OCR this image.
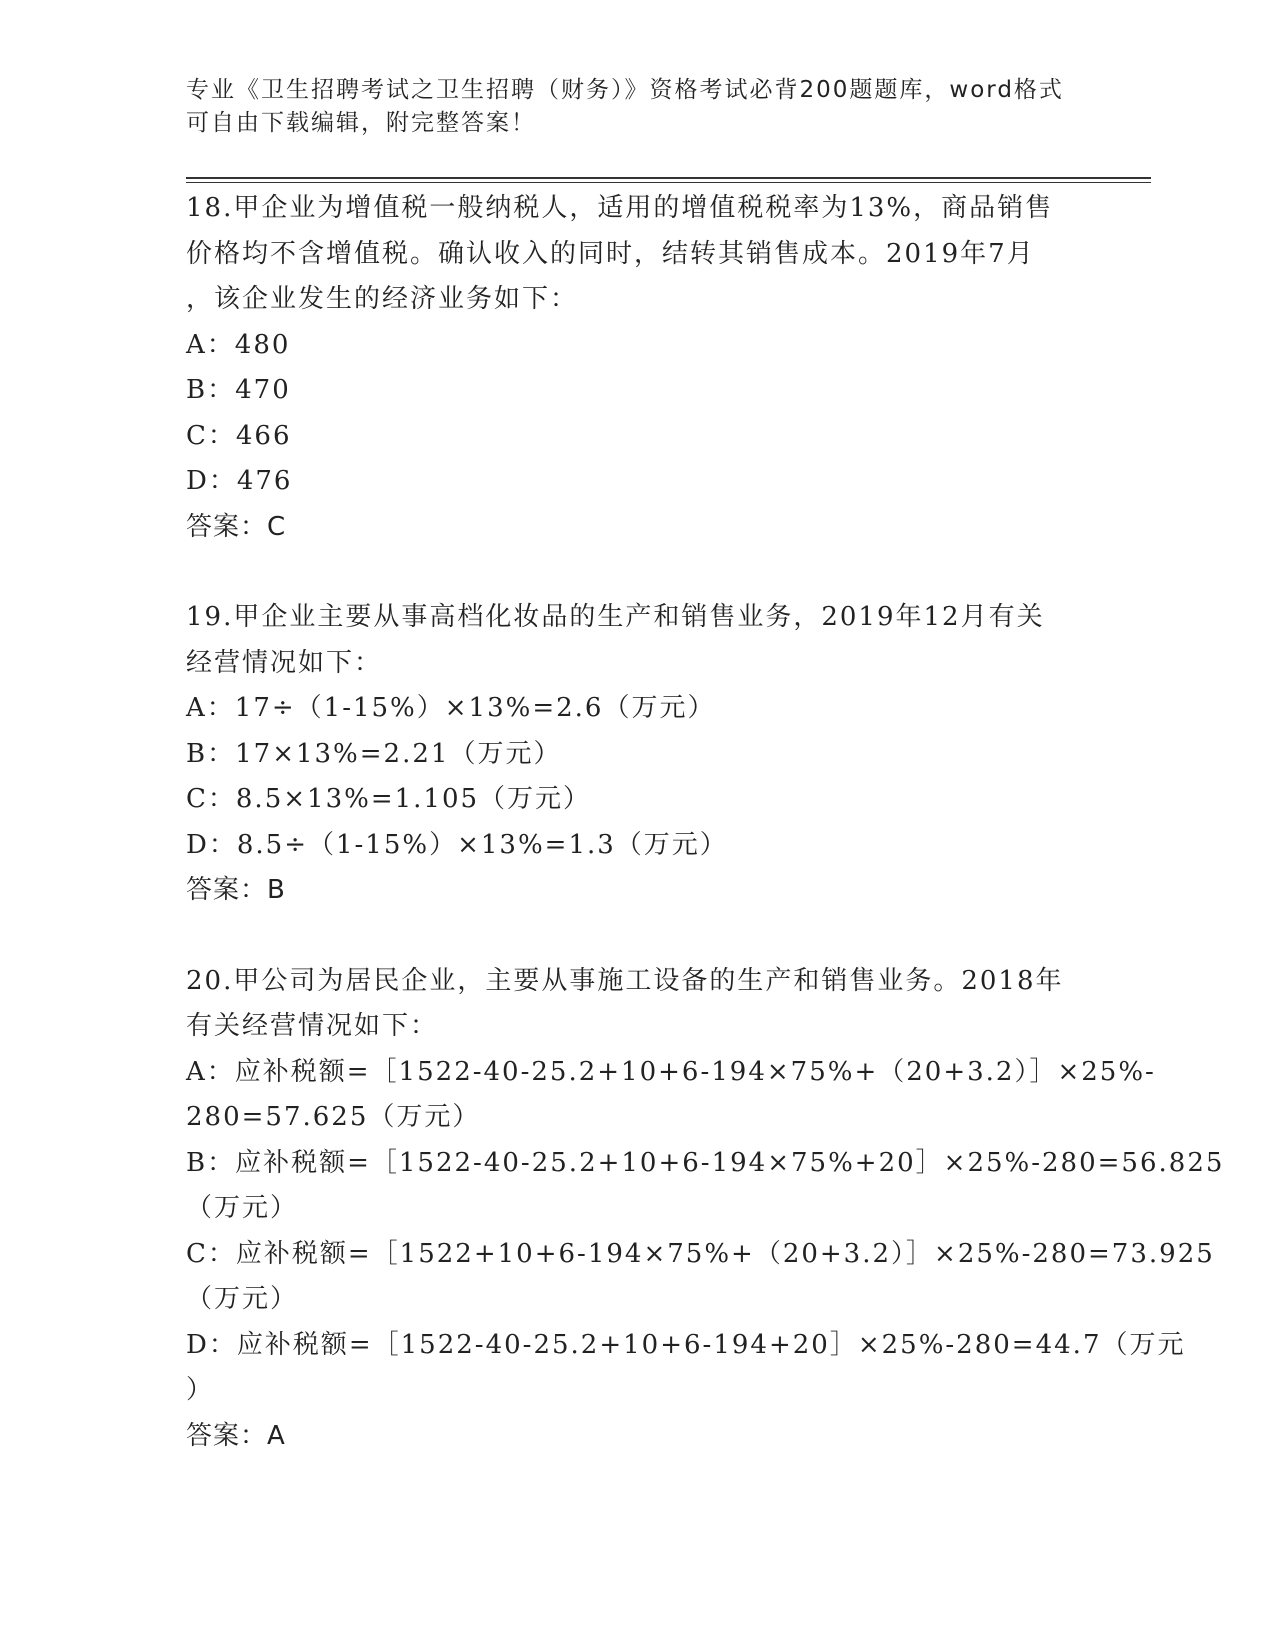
专业《卫生招聘考试之卫生招聘（财务）》资格考试必背200题题库，word格式
可自由下载编辑，附完整答案！
18.甲企业为增值税一般纳税人，适用的增值税税率为13%，商品销售
价格均不含增值税。确认收入的同时，结转其销售成本。2019年7月
，该企业发生的经济业务如下：
A：480
B：470
C：466
D：476
答案：C
19.甲企业主要从事高档化妆品的生产和销售业务，2019年12月有关
经营情况如下：
A：17÷（1-15%）×13%=2.6（万元）
B：17×13%=2.21（万元）
C：8.5×13%=1.105（万元）
D：8.5÷（1-15%）×13%=1.3（万元）
答案：B
20.甲公司为居民企业，主要从事施工设备的生产和销售业务。2018年
有关经营情况如下：
A：应补税额=［1522-40-25.2+10+6-194×75%+（20+3.2）］×25%-
280=57.625（万元）
B：应补税额=［1522-40-25.2+10+6-194×75%+20］×25%-280=56.825
（万元）
C：应补税额=［1522+10+6-194×75%+（20+3.2）］×25%-280=73.925
（万元）
D：应补税额=［1522-40-25.2+10+6-194+20］×25%-280=44.7（万元
）
答案：A
